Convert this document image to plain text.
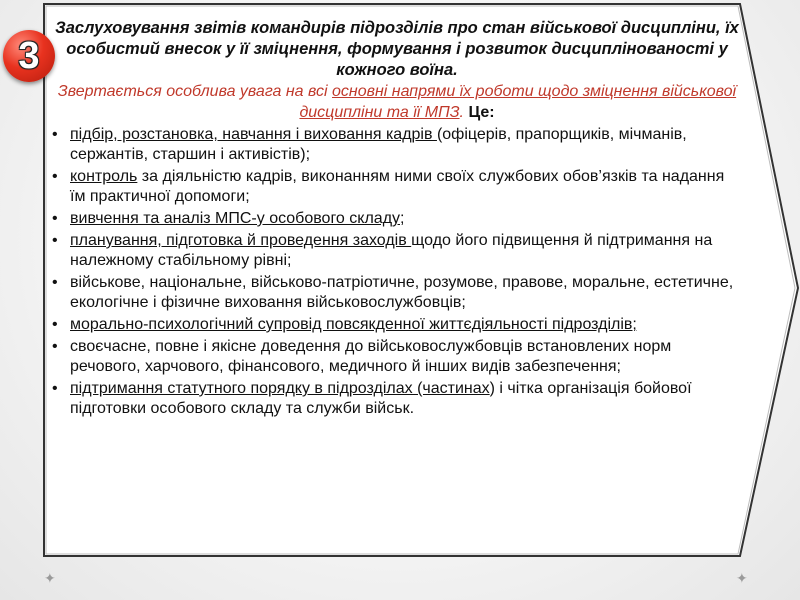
3
Заслуховування звітів командирів підрозділів про стан військової дисципліни, їх особистий внесок у її зміцнення, формування і розвиток дисциплінованості у кожного воїна.
Звертається особлива увага на всі основні напрями їх роботи щодо зміцнення військової дисципліни та її МПЗ. Це:
• підбір, розстановка, навчання і виховання кадрів (офіцерів, прапорщиків, мічманів, сержантів, старшин і активістів);
• контроль за діяльністю кадрів, виконанням ними своїх службових обов’язків та надання їм практичної допомоги;
• вивчення та аналіз МПС-у особового складу;
• планування, підготовка й проведення заходів щодо його підвищення й підтримання на належному стабільному рівні;
• військове, національне, військово-патріотичне, розумове, правове, моральне, естетичне, екологічне і фізичне виховання військовослужбовців;
• морально-психологічний супровід повсякденної життєдіяльності підрозділів;
• своєчасне, повне і якісне доведення до військовослужбовців встановлених норм речового, харчового, фінансового, медичного й інших видів забезпечення;
• підтримання статутного порядку в підрозділах (частинах) і чітка організація бойової підготовки особового складу та служби військ.
✦	✦
